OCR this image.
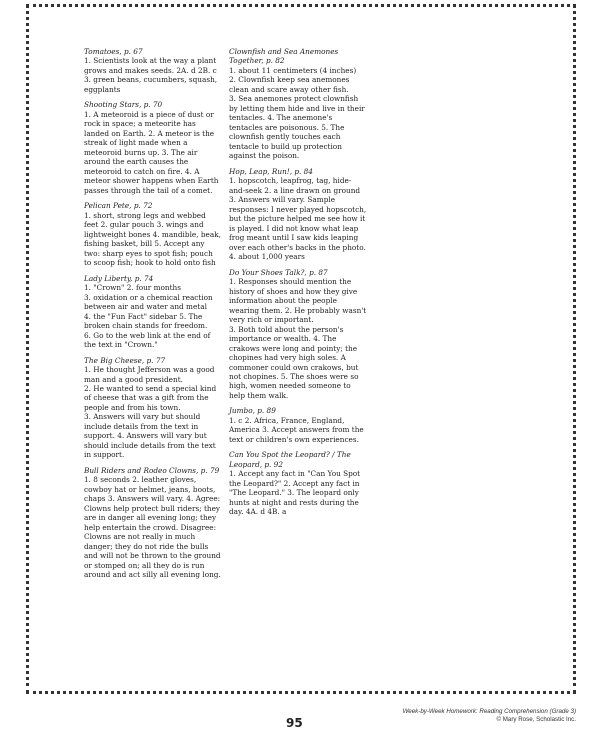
Tomatoes, p. 67
1. Scientists look at the way a plant grows and makes seeds. 2A. d 2B. c 3. green beans, cucumbers, squash, eggplants
Shooting Stars, p. 70
1. A meteoroid is a piece of dust or rock in space; a meteorite has landed on Earth. 2. A meteor is the streak of light made when a meteoroid burns up. 3. The air around the earth causes the meteoroid to catch on fire. 4. A meteor shower happens when Earth passes through the tail of a comet.
Pelican Pete, p. 72
1. short, strong legs and webbed feet 2. gular pouch 3. wings and lightweight bones 4. mandible, beak, fishing basket, bill 5. Accept any two: sharp eyes to spot fish; pouch to scoop fish; hook to hold onto fish
Lady Liberty, p. 74
1. "Crown" 2. four months
3. oxidation or a chemical reaction between air and water and metal
4. the "Fun Fact" sidebar 5. The broken chain stands for freedom.
6. Go to the web link at the end of the text in "Crown."
The Big Cheese, p. 77
1. He thought Jefferson was a good man and a good president.
2. He wanted to send a special kind of cheese that was a gift from the people and from his town.
3. Answers will vary but should include details from the text in support. 4. Answers will vary but should include details from the text in support.
Bull Riders and Rodeo Clowns, p. 79
1. 8 seconds 2. leather gloves, cowboy hat or helmet, jeans, boots, chaps 3. Answers will vary. 4. Agree: Clowns help protect bull riders; they are in danger all evening long; they help entertain the crowd. Disagree: Clowns are not really in much danger; they do not ride the bulls and will not be thrown to the ground or stomped on; all they do is run around and act silly all evening long.
Clownfish and Sea Anemones Together, p. 82
1. about 11 centimeters (4 inches)
2. Clownfish keep sea anemones clean and scare away other fish.
3. Sea anemones protect clownfish by letting them hide and live in their tentacles. 4. The anemone's tentacles are poisonous. 5. The clownfish gently touches each tentacle to build up protection against the poison.
Hop, Leap, Run!, p. 84
1. hopscotch, leapfrog, tag, hide-and-seek 2. a line drawn on ground
3. Answers will vary. Sample responses: I never played hopscotch, but the picture helped me see how it is played. I did not know what leap frog meant until I saw kids leaping over each other's backs in the photo.
4. about 1,000 years
Do Your Shoes Talk?, p. 87
1. Responses should mention the history of shoes and how they give information about the people wearing them. 2. He probably wasn't very rich or important.
3. Both told about the person's importance or wealth. 4. The crakows were long and pointy; the chopines had very high soles. A commoner could own crakows, but not chopines. 5. The shoes were so high, women needed someone to help them walk.
Jumbo, p. 89
1. c 2. Africa, France, England, America 3. Accept answers from the text or children's own experiences.
Can You Spot the Leopard? / The Leopard, p. 92
1. Accept any fact in "Can You Spot the Leopard?" 2. Accept any fact in "The Leopard." 3. The leopard only hunts at night and rests during the day. 4A. d 4B. a
95
Week-by-Week Homework: Reading Comprehension (Grade 3)
© Mary Rose, Scholastic Inc.
